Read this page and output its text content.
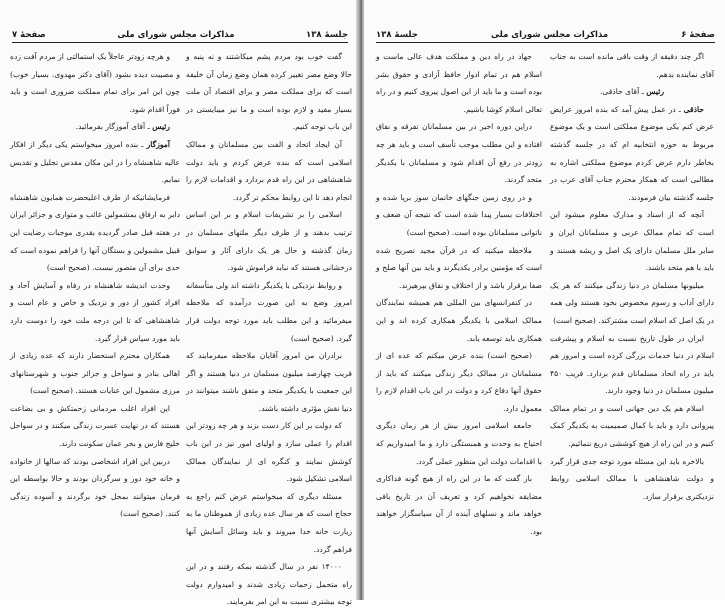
صفحهٔ ۷	مذاکرات مجلس شورای ملی	جلسهٔ ۱۳۸

و هرچه زودتر عاجلاً یک استمالتی از مردم آفت زده و مصیبت دیده بشود (آقای دکتر مهدوی. بسیار خوب) چون این امر برای تمام مملکت ضروری است و باید فوراً اقدام شود.

رئیس ـ آقای آموزگار بفرمائید.

آموزگار ـ بنده امروز میخواستم یکی دیگر از افکار عالیه شاهنشاه را در این مکان مقدس تجلیل و تقدیس نمایم.

فرمایشاتیکه از طرف اعلیحضرت همایون شاهنشاه داير به ارفاق بمشمولین غائب و متواری و جزائر ایران در هفته قبل صادر گردیده بقدری موجبات رضایت این قبیل مشمولین و بستگان آنها را فراهم نموده است که حدی برای آن متصور نیست. (صحیح است)

وحدت اندیشه شاهنشاه در رفاه و آسایش آحاد و افراد کشور از دور و نزدیک و خاص و عام است و شاهنشاهی که تا این درجه ملت خود را دوست دارد باید مورد سپاس قرار گیرد.

همکاران محترم استحضار دارند که عده زیادی از اهالی بنادر و سواحل و جزائر جنوب و شهرستانهای مرزی مشمول این عنایات هستند. (صحیح است)

این افراد اغلب مردمانی زحمتکش و بی بضاعت هستند که در نهایت عسرت زندگی میکنند و در سواحل خلیج فارس و بحر عمان سکونت دارند.

دربین این افراد اشخاصی بودند که سالها از خانواده و خانه خود دور و سرگردان بودند و حالا بواسطه این فرمان میتوانند بمحل خود برگردند و آسوده زندگی کنند. (صحیح است)

گفت خوب بود مردم پشم میکاشتند و نه پنبه و حالا وضع مصر تغییر کرده همان وضع زمان آن خلیفه است که برای مملکت مصر و برای اقتصاد آن ملت بسیار مفید و لازم بوده است و ما نیز میبایستی در این باب توجه کنیم.

آن ایجاد اتحاد و الفت بین مسلمانان و ممالک اسلامی است که بنده عرض کردم و باید دولت شاهنشاهی در این راه قدم بردارد و اقدامات لازم را انجام دهد تا این روابط محکم تر گردد.

اسلامی را بر تشریفات اسلام و بر این اساس ترتیب بدهند و از طرف دیگر ملتهای مسلمان در زمان گذشته و حال هر یک دارای آثار و سوابق درخشانی هستند که نباید فراموش شود.

و روابط نزدیکی با یکدیگر داشته اند ولی متأسفانه امروز وضع به این صورت درآمده که ملاحظه میفرمائید و این مطلب باید مورد توجه دولت قرار گیرد. (صحیح است)

برادران من امروز آقایان ملاحظه میفرمایند که قریب چهارصد میلیون مسلمان در دنیا هستند و اگر این جمعیت با یکدیگر متحد و متفق باشند میتوانند در دنیا نقش مؤثری داشته باشند.

که دولت بر این کار دست بزند و هر چه زودتر این اقدام را عملی سازد و اولیای امور نیز در این باب کوشش نمایند و کنگره ای از نمایندگان ممالک اسلامی تشکیل شود.

مسئله دیگری که میخواستم عرض کنم راجع به حجاج است که هر سال عده زیادی از هموطنان ما به زیارت خانه خدا میروند و باید وسائل آسایش آنها فراهم گردد.

۱۴۰۰۰ نفر در سال گذشته بمکه رفتند و در این راه متحمل زحمات زیادی شدند و امیدوارم دولت توجه بیشتری نسبت به این امر بفرمایند.

جلسهٔ ۱۳۸	مذاکرات مجلس شورای ملی	صفحهٔ ۶

جهاد در راه دین و مملکت هدف عالی ماست و اسلام هم در تمام ادوار حافظ آزادی و حقوق بشر بوده است و ما باید از این اصول پیروی کنیم و در راه تعالی اسلام کوشا باشیم.

دراین دوره اخیر در بین مسلمانان تفرقه و نفاق افتاده و این مطلب موجب تأسف است و باید هر چه زودتر در رفع آن اقدام شود و مسلمانان با یکدیگر متحد گردند.

و در روی زمین جنگهای خانمان سوز برپا شده و اختلافات بسیار پیدا شده است که نتیجه آن ضعف و ناتوانی مسلمانان بوده است. (صحیح است)

ملاحظه میکنید که در قرآن مجید تصریح شده است که مؤمنین برادر یکدیگرند و باید بین آنها صلح و صفا برقرار باشد و از اختلاف و نفاق بپرهیزند.

در کنفرانسهای بین المللی هم همیشه نمایندگان ممالک اسلامی با یکدیگر همکاری کرده اند و این همکاری باید توسعه یابد.

(صحیح است) بنده عرض میکنم که عده ای از مسلمانان در ممالک دیگر زندگی میکنند که باید از حقوق آنها دفاع کرد و دولت در این باب اقدام لازم را معمول دارد.

جامعه اسلامی امروز بیش از هر زمان دیگری احتیاج به وحدت و همبستگی دارد و ما امیدواریم که با اقدامات دولت این منظور عملی گردد.

باز گفت که ما در این راه از هیچ گونه فداکاری مضایقه نخواهیم کرد و تعریف آن در تاریخ باقی خواهد ماند و نسلهای آینده از آن سپاسگزار خواهند بود.

اگر چند دقیقه از وقت باقی مانده است به جناب آقای نماینده بدهم.

رئیس ـ آقای حاذقی.

حاذقی ـ در عمل پیش آمد که بنده امروز عرایض عرض کنم یکی موضوع مملکتی است و یک موضوع مربوط به حوزه انتخابیه ام که در جلسه گذشته بخاطر دارم عرض کردم موضوع مملکتی اشاره به مطالبی است که همکار محترم جناب آقای عرب در جلسه گذشته بیان فرمودند.

آنچه که از اسناد و مدارک معلوم میشود این است که تمام ممالک عربی و مسلمانان ایران و سایر ملل مسلمان دارای یک اصل و ریشه هستند و باید با هم متحد باشند.

میلیونها مسلمان در دنیا زندگی میکنند که هر یک دارای آداب و رسوم مخصوص بخود هستند ولی همه در یک اصل که اسلام است مشترکند. (صحیح است)

ایران در طول تاریخ نسبت به اسلام و پیشرفت اسلام در دنیا خدمات بزرگی کرده است و امروز هم باید در راه اتحاد مسلمانان قدم بردارد. قریب ۴۵۰ میلیون مسلمان در دنیا وجود دارند.

اسلام هم یک دین جهانی است و در تمام ممالک پیروانی دارد و باید با کمال صمیمیت به یکدیگر کمک کنیم و در این راه از هیچ کوششی دریغ ننمائیم.

بالاخره باید این مسئله مورد توجه جدی قرار گیرد و دولت شاهنشاهی با ممالک اسلامی روابط نزدیکتری برقرار سازد.
